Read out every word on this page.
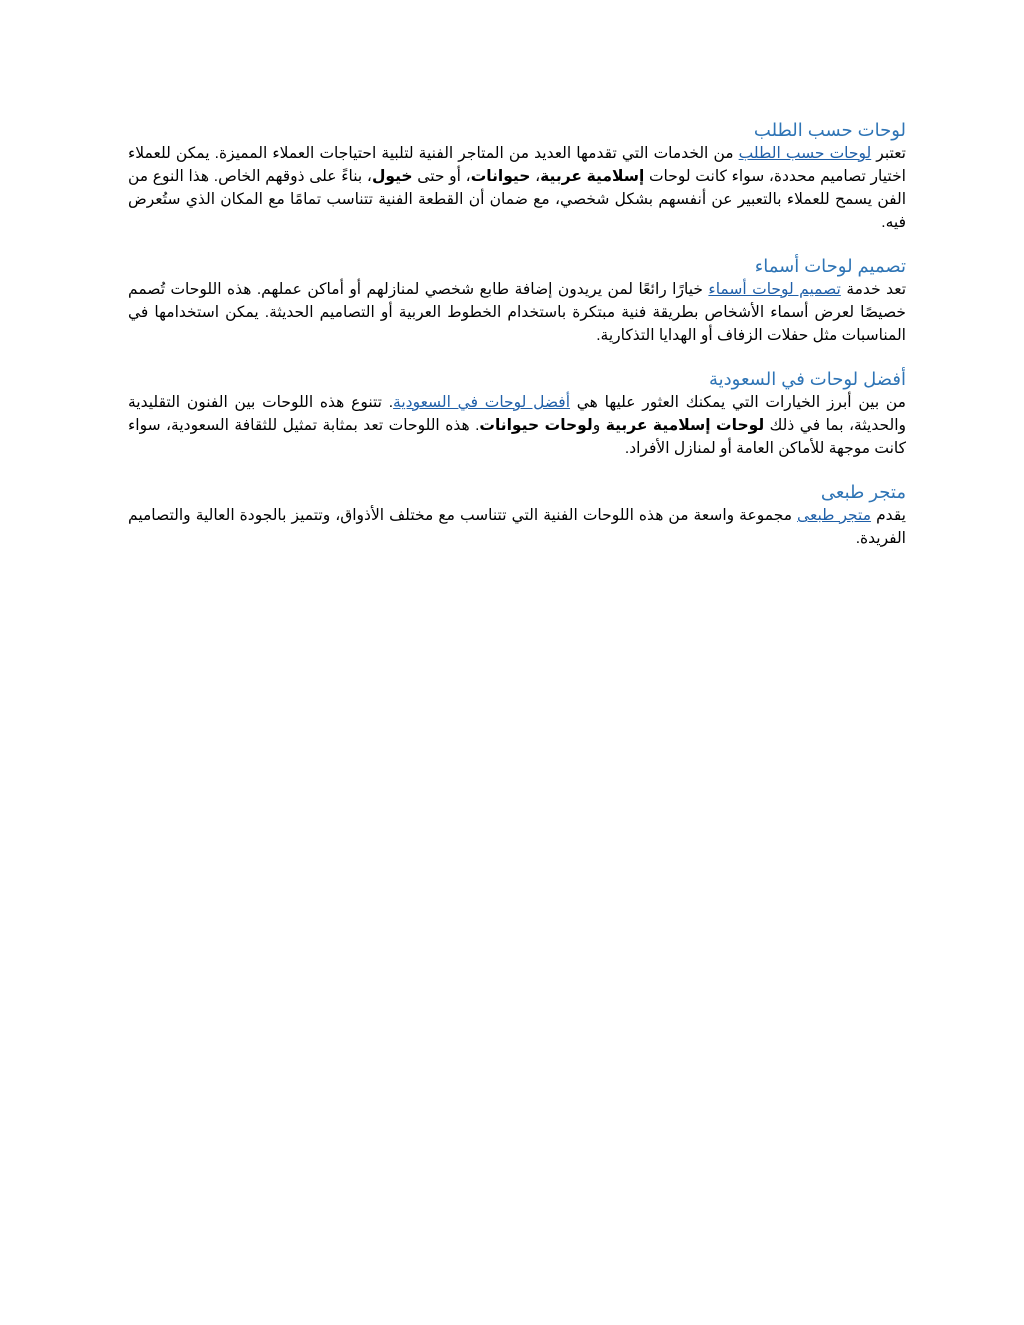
لوحات حسب الطلب

تعتبر لوحات حسب الطلب من الخدمات التي تقدمها العديد من المتاجر الفنية لتلبية احتياجات العملاء المميزة. يمكن للعملاء اختيار تصاميم محددة، سواء كانت لوحات إسلامية عربية، حيوانات، أو حتى خيول، بناءً على ذوقهم الخاص. هذا النوع من الفن يسمح للعملاء بالتعبير عن أنفسهم بشكل شخصي، مع ضمان أن القطعة الفنية تتناسب تمامًا مع المكان الذي ستُعرض فيه.

تصميم لوحات أسماء

تعد خدمة تصميم لوحات أسماء خيارًا رائعًا لمن يريدون إضافة طابع شخصي لمنازلهم أو أماكن عملهم. هذه اللوحات تُصمم خصيصًا لعرض أسماء الأشخاص بطريقة فنية مبتكرة باستخدام الخطوط العربية أو التصاميم الحديثة. يمكن استخدامها في المناسبات مثل حفلات الزفاف أو الهدايا التذكارية.

أفضل لوحات في السعودية

من بين أبرز الخيارات التي يمكنك العثور عليها هي أفضل لوحات في السعودية. تتنوع هذه اللوحات بين الفنون التقليدية والحديثة، بما في ذلك لوحات إسلامية عربية ولوحات حيوانات. هذه اللوحات تعد بمثابة تمثيل للثقافة السعودية، سواء كانت موجهة للأماكن العامة أو لمنازل الأفراد.

متجر طبعى

يقدم متجر طبعى مجموعة واسعة من هذه اللوحات الفنية التي تتناسب مع مختلف الأذواق، وتتميز بالجودة العالية والتصاميم الفريدة.
